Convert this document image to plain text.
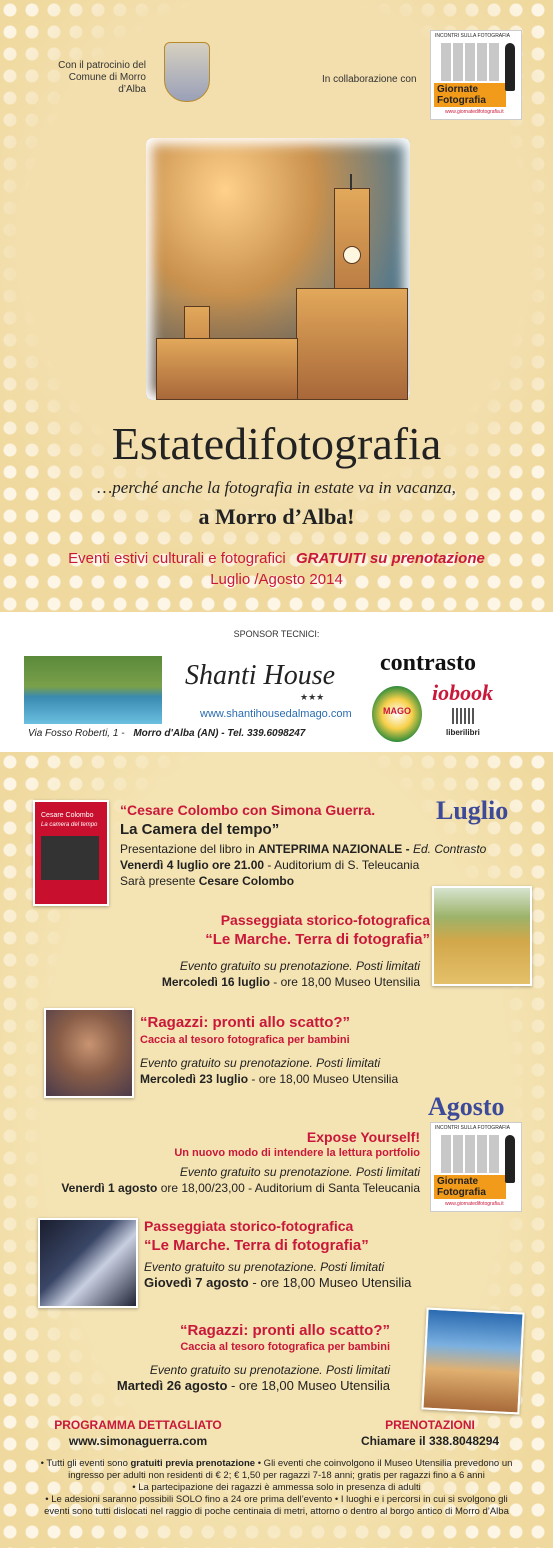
Con il patrocinio del
Comune di Morro d’Alba
In collaborazione con
INCONTRI SULLA FOTOGRAFIA
Giornate
Fotografia
www.giornatedifotografia.it
Estatedifotografia
…perché anche la fotografia in estate va in vacanza,
a Morro d’Alba!
Eventi estivi culturali e fotografici GRATUITI su prenotazione
Luglio /Agosto 2014
SPONSOR TECNICI:
Shanti House
★★★
www.shantihousedalmago.com
Via Fosso Roberti, 1 - Morro d'Alba (AN) - Tel. 339.6098247
contrasto
MAGO
iobook
liberilibri
Cesare Colombo
La camera del tempo	Luglio
“Cesare Colombo con Simona Guerra.
La Camera del tempo”
Presentazione del libro in ANTEPRIMA NAZIONALE - Ed. Contrasto
Venerdì 4 luglio ore 21.00 - Auditorium di S. Teleucania
Sarà presente Cesare Colombo
Passeggiata storico-fotografica
“Le Marche. Terra di fotografia”
Evento gratuito su prenotazione. Posti limitati
Mercoledì 16 luglio - ore 18,00 Museo Utensilia
“Ragazzi: pronti allo scatto?”
Caccia al tesoro fotografica per bambini
Evento gratuito su prenotazione. Posti limitati
Mercoledì 23 luglio - ore 18,00 Museo Utensilia
Agosto
Expose Yourself!
Un nuovo modo di intendere la lettura portfolio
Evento gratuito su prenotazione. Posti limitati
Venerdì 1 agosto ore 18,00/23,00 - Auditorium di Santa Teleucania
INCONTRI SULLA FOTOGRAFIA
Giornate
Fotografia
www.giornatedifotografia.it
Passeggiata storico-fotografica
“Le Marche. Terra di fotografia”
Evento gratuito su prenotazione. Posti limitati
Giovedì 7 agosto - ore 18,00 Museo Utensilia
“Ragazzi: pronti allo scatto?”
Caccia al tesoro fotografica per bambini
Evento gratuito su prenotazione. Posti limitati
Martedì 26 agosto - ore 18,00 Museo Utensilia
PROGRAMMA DETTAGLIATO
www.simonaguerra.com
PRENOTAZIONI
Chiamare il 338.8048294
• Tutti gli eventi sono gratuiti previa prenotazione • Gli eventi che coinvolgono il Museo Utensilia prevedono un
ingresso per adulti non residenti di € 2; € 1,50 per ragazzi 7-18 anni; gratis per ragazzi fino a 6 anni
• La partecipazione dei ragazzi è ammessa solo in presenza di adulti
• Le adesioni saranno possibili SOLO fino a 24 ore prima dell’evento • I luoghi e i percorsi in cui si svolgono gli
eventi sono tutti dislocati nel raggio di poche centinaia di metri, attorno o dentro al borgo antico di Morro d’Alba
